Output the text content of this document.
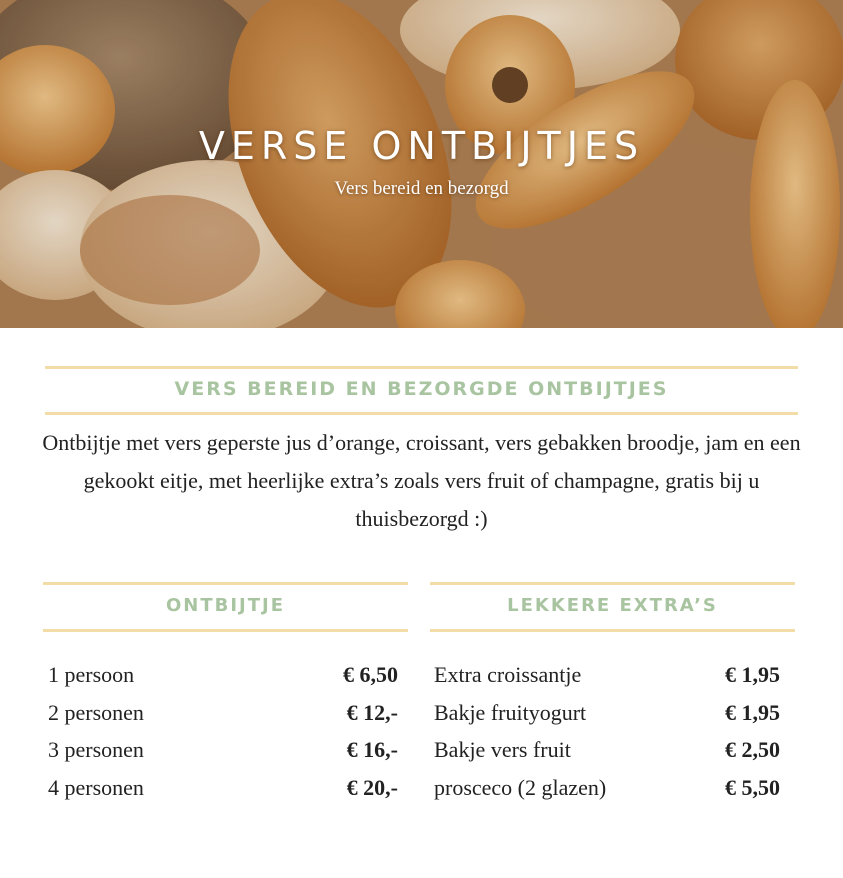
VERSE ONTBIJTJES
Vers bereid en bezorgd
VERS BEREID EN BEZORGDE ONTBIJTJES
Ontbijtje met vers geperste jus d’orange, croissant, vers gebakken broodje, jam en een gekookt eitje, met heerlijke extra’s zoals vers fruit of champagne, gratis bij u thuisbezorgd :)
ONTBIJTJE
1 persoon	€ 6,50
2 personen	€ 12,-
3 personen	€ 16,-
4 personen	€ 20,-
LEKKERE EXTRA’S
Extra croissantje	€ 1,95
Bakje fruityogurt	€ 1,95
Bakje vers fruit	€ 2,50
prosceco (2 glazen)	€ 5,50
